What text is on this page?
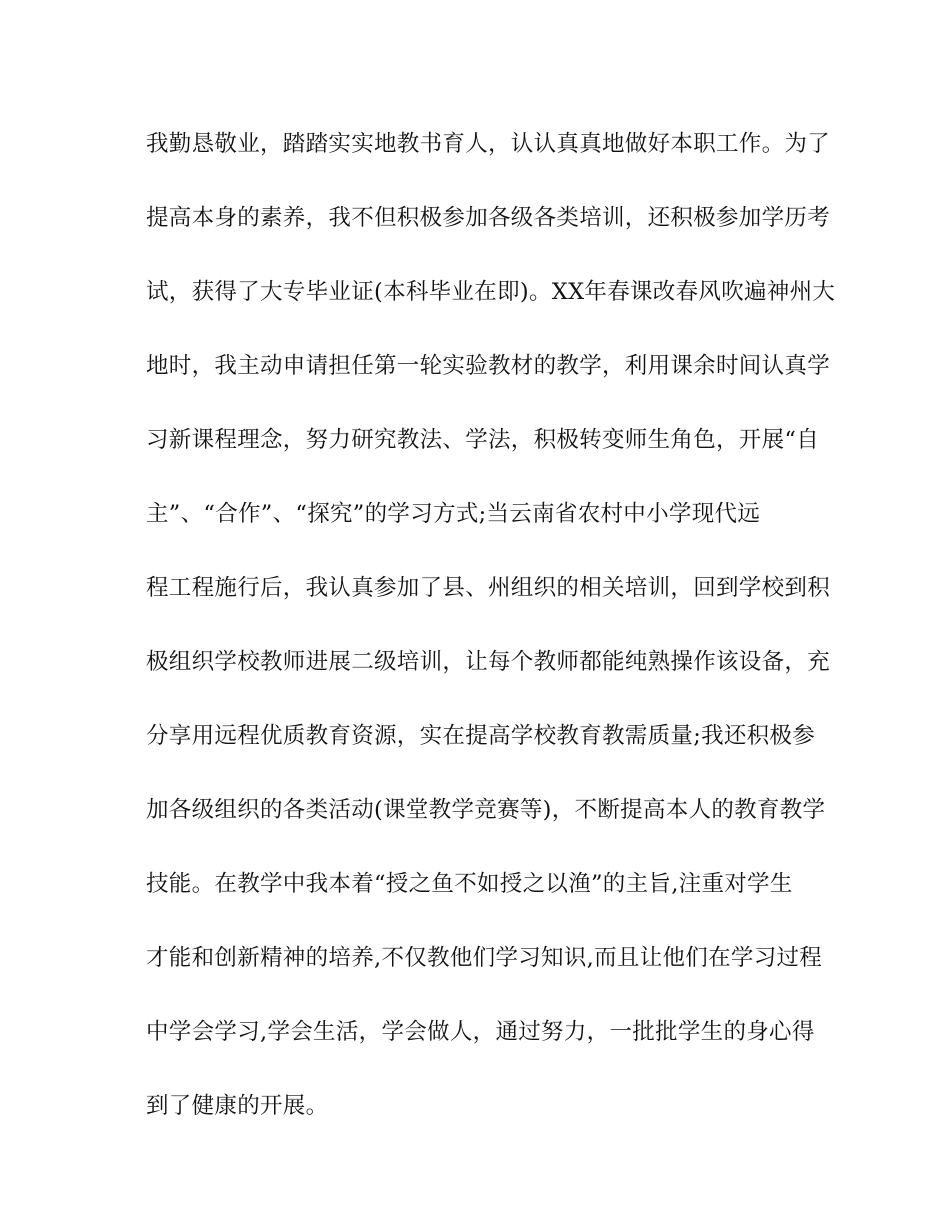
我勤恳敬业，踏踏实实地教书育人，认认真真地做好本职工作。为了
提高本身的素养，我不但积极参加各级各类培训，还积极参加学历考
试，获得了大专毕业证(本科毕业在即)。XX年春课改春风吹遍神州大
地时，我主动申请担任第一轮实验教材的教学，利用课余时间认真学
习新课程理念，努力研究教法、学法，积极转变师生角色，开展“自
主”、“合作”、“探究”的学习方式;当云南省农村中小学现代远
程工程施行后，我认真参加了县、州组织的相关培训，回到学校到积
极组织学校教师进展二级培训，让每个教师都能纯熟操作该设备，充
分享用远程优质教育资源，实在提高学校教育教需质量;我还积极参
加各级组织的各类活动(课堂教学竞赛等)，不断提高本人的教育教学
技能。在教学中我本着“授之鱼不如授之以渔”的主旨,注重对学生
才能和创新精神的培养,不仅教他们学习知识,而且让他们在学习过程
中学会学习,学会生活，学会做人，通过努力，一批批学生的身心得
到了健康的开展。
